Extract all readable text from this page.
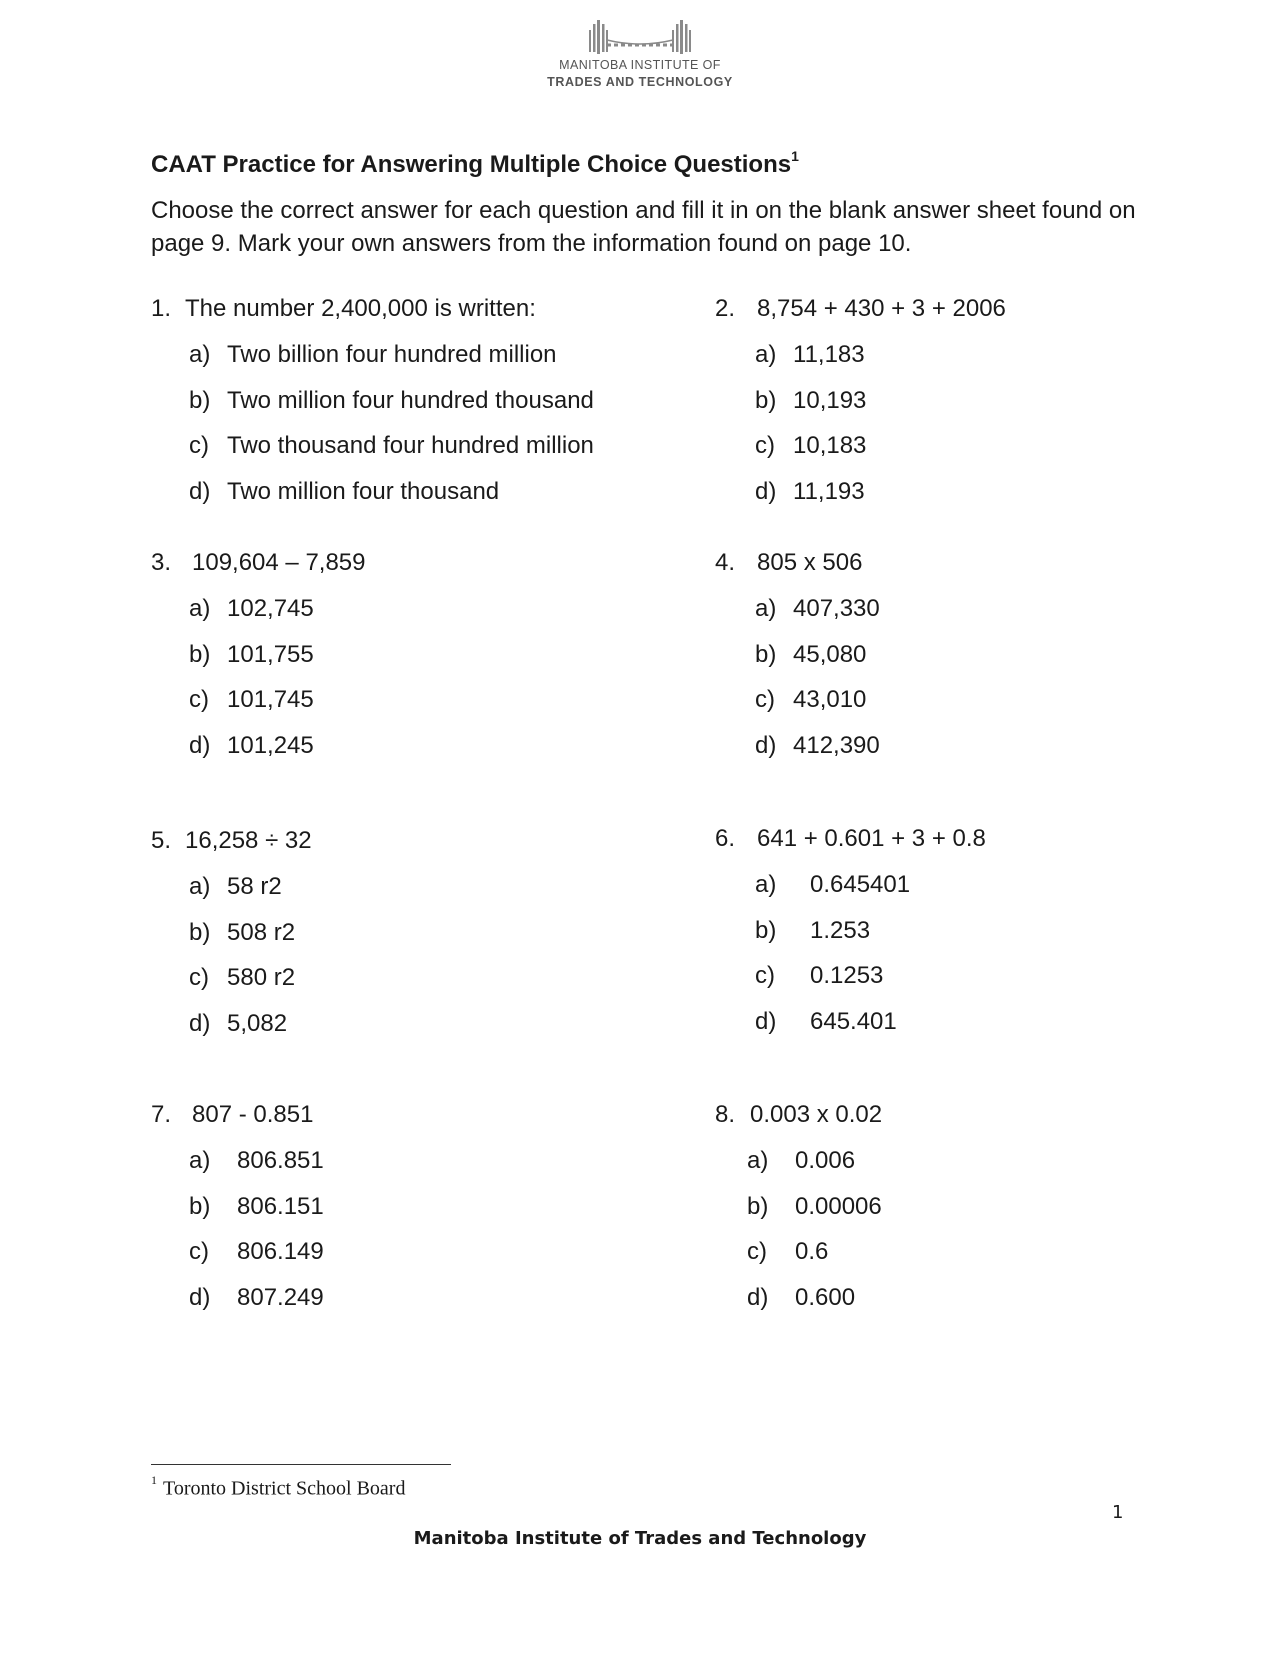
MANITOBA INSTITUTE OF
TRADES AND TECHNOLOGY
CAAT Practice for Answering Multiple Choice Questions$^1$

Choose the correct answer for each question and fill it in on the blank answer sheet found on page 9. Mark your own answers from the information found on page 10.

1. The number 2,400,000 is written:
a) Two billion four hundred million
b) Two million four hundred thousand
c) Two thousand four hundred million
d) Two million four thousand
2. 8,754 + 430 + 3 + 2006
a) 11,183
b) 10,193
c) 10,183
d) 11,193
3. 109,604 – 7,859
a) 102,745
b) 101,755
c) 101,745
d) 101,245
4. 805 x 506
a) 407,330
b) 45,080
c) 43,010
d) 412,390
5. 16,258 ÷ 32
a) 58 r2
b) 508 r2
c) 580 r2
d) 5,082
6. 641 + 0.601 + 3 + 0.8
a) 0.645401
b) 1.253
c) 0.1253
d) 645.401
7. 807 - 0.851
a) 806.851
b) 806.151
c) 806.149
d) 807.249
8. 0.003 x 0.02
a) 0.006
b) 0.00006
c) 0.6
d) 0.600
$^1$ Toronto District School Board
1
Manitoba Institute of Trades and Technology
